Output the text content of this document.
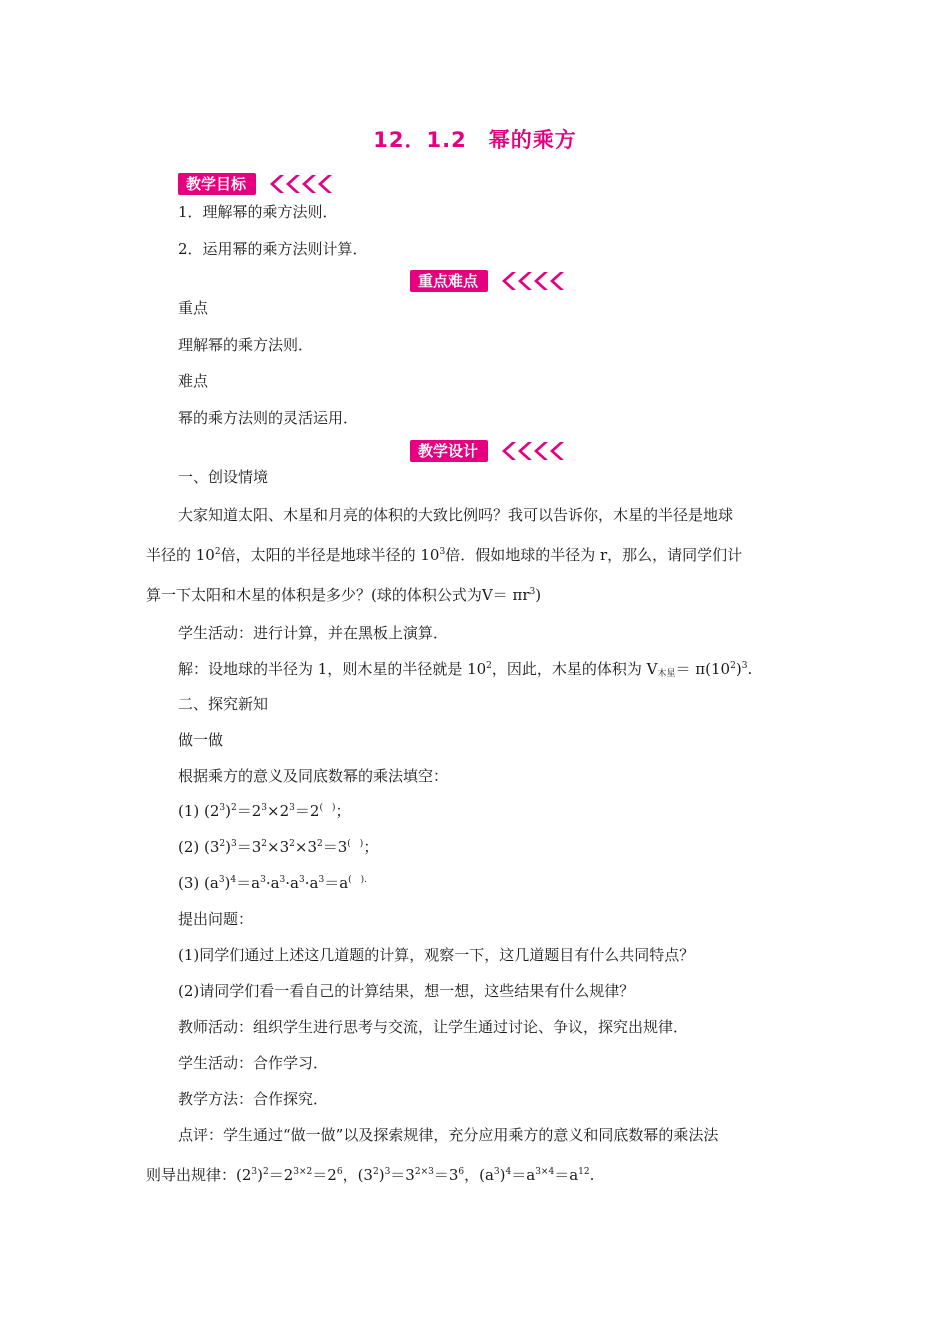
12．1.2　幂的乘方
教学目标
1．理解幂的乘方法则．
2．运用幂的乘方法则计算．
重点难点
重点
理解幂的乘方法则．
难点
幂的乘方法则的灵活运用．
教学设计
一、创设情境
大家知道太阳、木星和月亮的体积的大致比例吗？我可以告诉你，木星的半径是地球
半径的 $10^2$倍，太阳的半径是地球半径的 $10^3$倍．假如地球的半径为 r，那么，请同学们计
算一下太阳和木星的体积是多少？(球的体积公式为$V= \pi r^3$)
学生活动：进行计算，并在黑板上演算．
解：设地球的半径为 1，则木星的半径就是 $10^2$，因此，木星的体积为 $V_{木星}= \pi(10^2)^3$.
二、探究新知
做一做
根据乘方的意义及同底数幂的乘法填空：
(1) $(2^3)^2=2^3\times 2^3=2^{( )}$；
(2) $(3^2)^3=3^2\times 3^2\times 3^2=3^{( )}$；
(3) $(a^3)^4=a^3\cdot a^3\cdot a^3\cdot a^3=a^{( ).}$
提出问题：
(1)同学们通过上述这几道题的计算，观察一下，这几道题目有什么共同特点？
(2)请同学们看一看自己的计算结果，想一想，这些结果有什么规律？
教师活动：组织学生进行思考与交流，让学生通过讨论、争议，探究出规律．
学生活动：合作学习．
教学方法：合作探究．
点评：学生通过“做一做”以及探索规律，充分应用乘方的意义和同底数幂的乘法法
则导出规律：$(2^3)^2=2^{3\times 2}=2^6$，$(3^2)^3=3^{2\times 3}=3^6$，$(a^3)^4=a^{3\times 4}=a^{12}$.
